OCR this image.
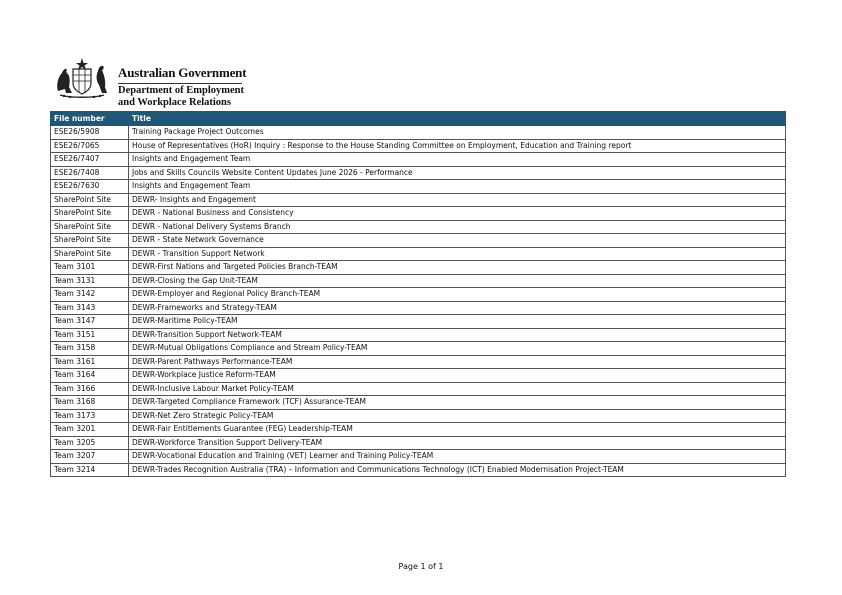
Australian Government
Department of Employment
and Workplace Relations
File number	Title
ESE26/5908	Training Package Project Outcomes
ESE26/7065	House of Representatives (HoR) Inquiry : Response to the House Standing Committee on Employment, Education and Training report
ESE26/7407	Insights and Engagement Team
ESE26/7408	Jobs and Skills Councils Website Content Updates June 2026 - Performance
ESE26/7630	Insights and Engagement Team
SharePoint Site	DEWR- Insights and Engagement
SharePoint Site	DEWR - National Business and Consistency
SharePoint Site	DEWR - National Delivery Systems Branch
SharePoint Site	DEWR - State Network Governance
SharePoint Site	DEWR - Transition Support Network
Team 3101	DEWR-First Nations and Targeted Policies Branch-TEAM
Team 3131	DEWR-Closing the Gap Unit-TEAM
Team 3142	DEWR-Employer and Regional Policy Branch-TEAM
Team 3143	DEWR-Frameworks and Strategy-TEAM
Team 3147	DEWR-Maritime Policy-TEAM
Team 3151	DEWR-Transition Support Network-TEAM
Team 3158	DEWR-Mutual Obligations Compliance and Stream Policy-TEAM
Team 3161	DEWR-Parent Pathways Performance-TEAM
Team 3164	DEWR-Workplace Justice Reform-TEAM
Team 3166	DEWR-Inclusive Labour Market Policy-TEAM
Team 3168	DEWR-Targeted Compliance Framework (TCF) Assurance-TEAM
Team 3173	DEWR-Net Zero Strategic Policy-TEAM
Team 3201	DEWR-Fair Entitlements Guarantee (FEG) Leadership-TEAM
Team 3205	DEWR-Workforce Transition Support Delivery-TEAM
Team 3207	DEWR-Vocational Education and Training (VET) Learner and Training Policy-TEAM
Team 3214	DEWR-Trades Recognition Australia (TRA) – Information and Communications Technology (ICT) Enabled Modernisation Project-TEAM
Page 1 of 1
